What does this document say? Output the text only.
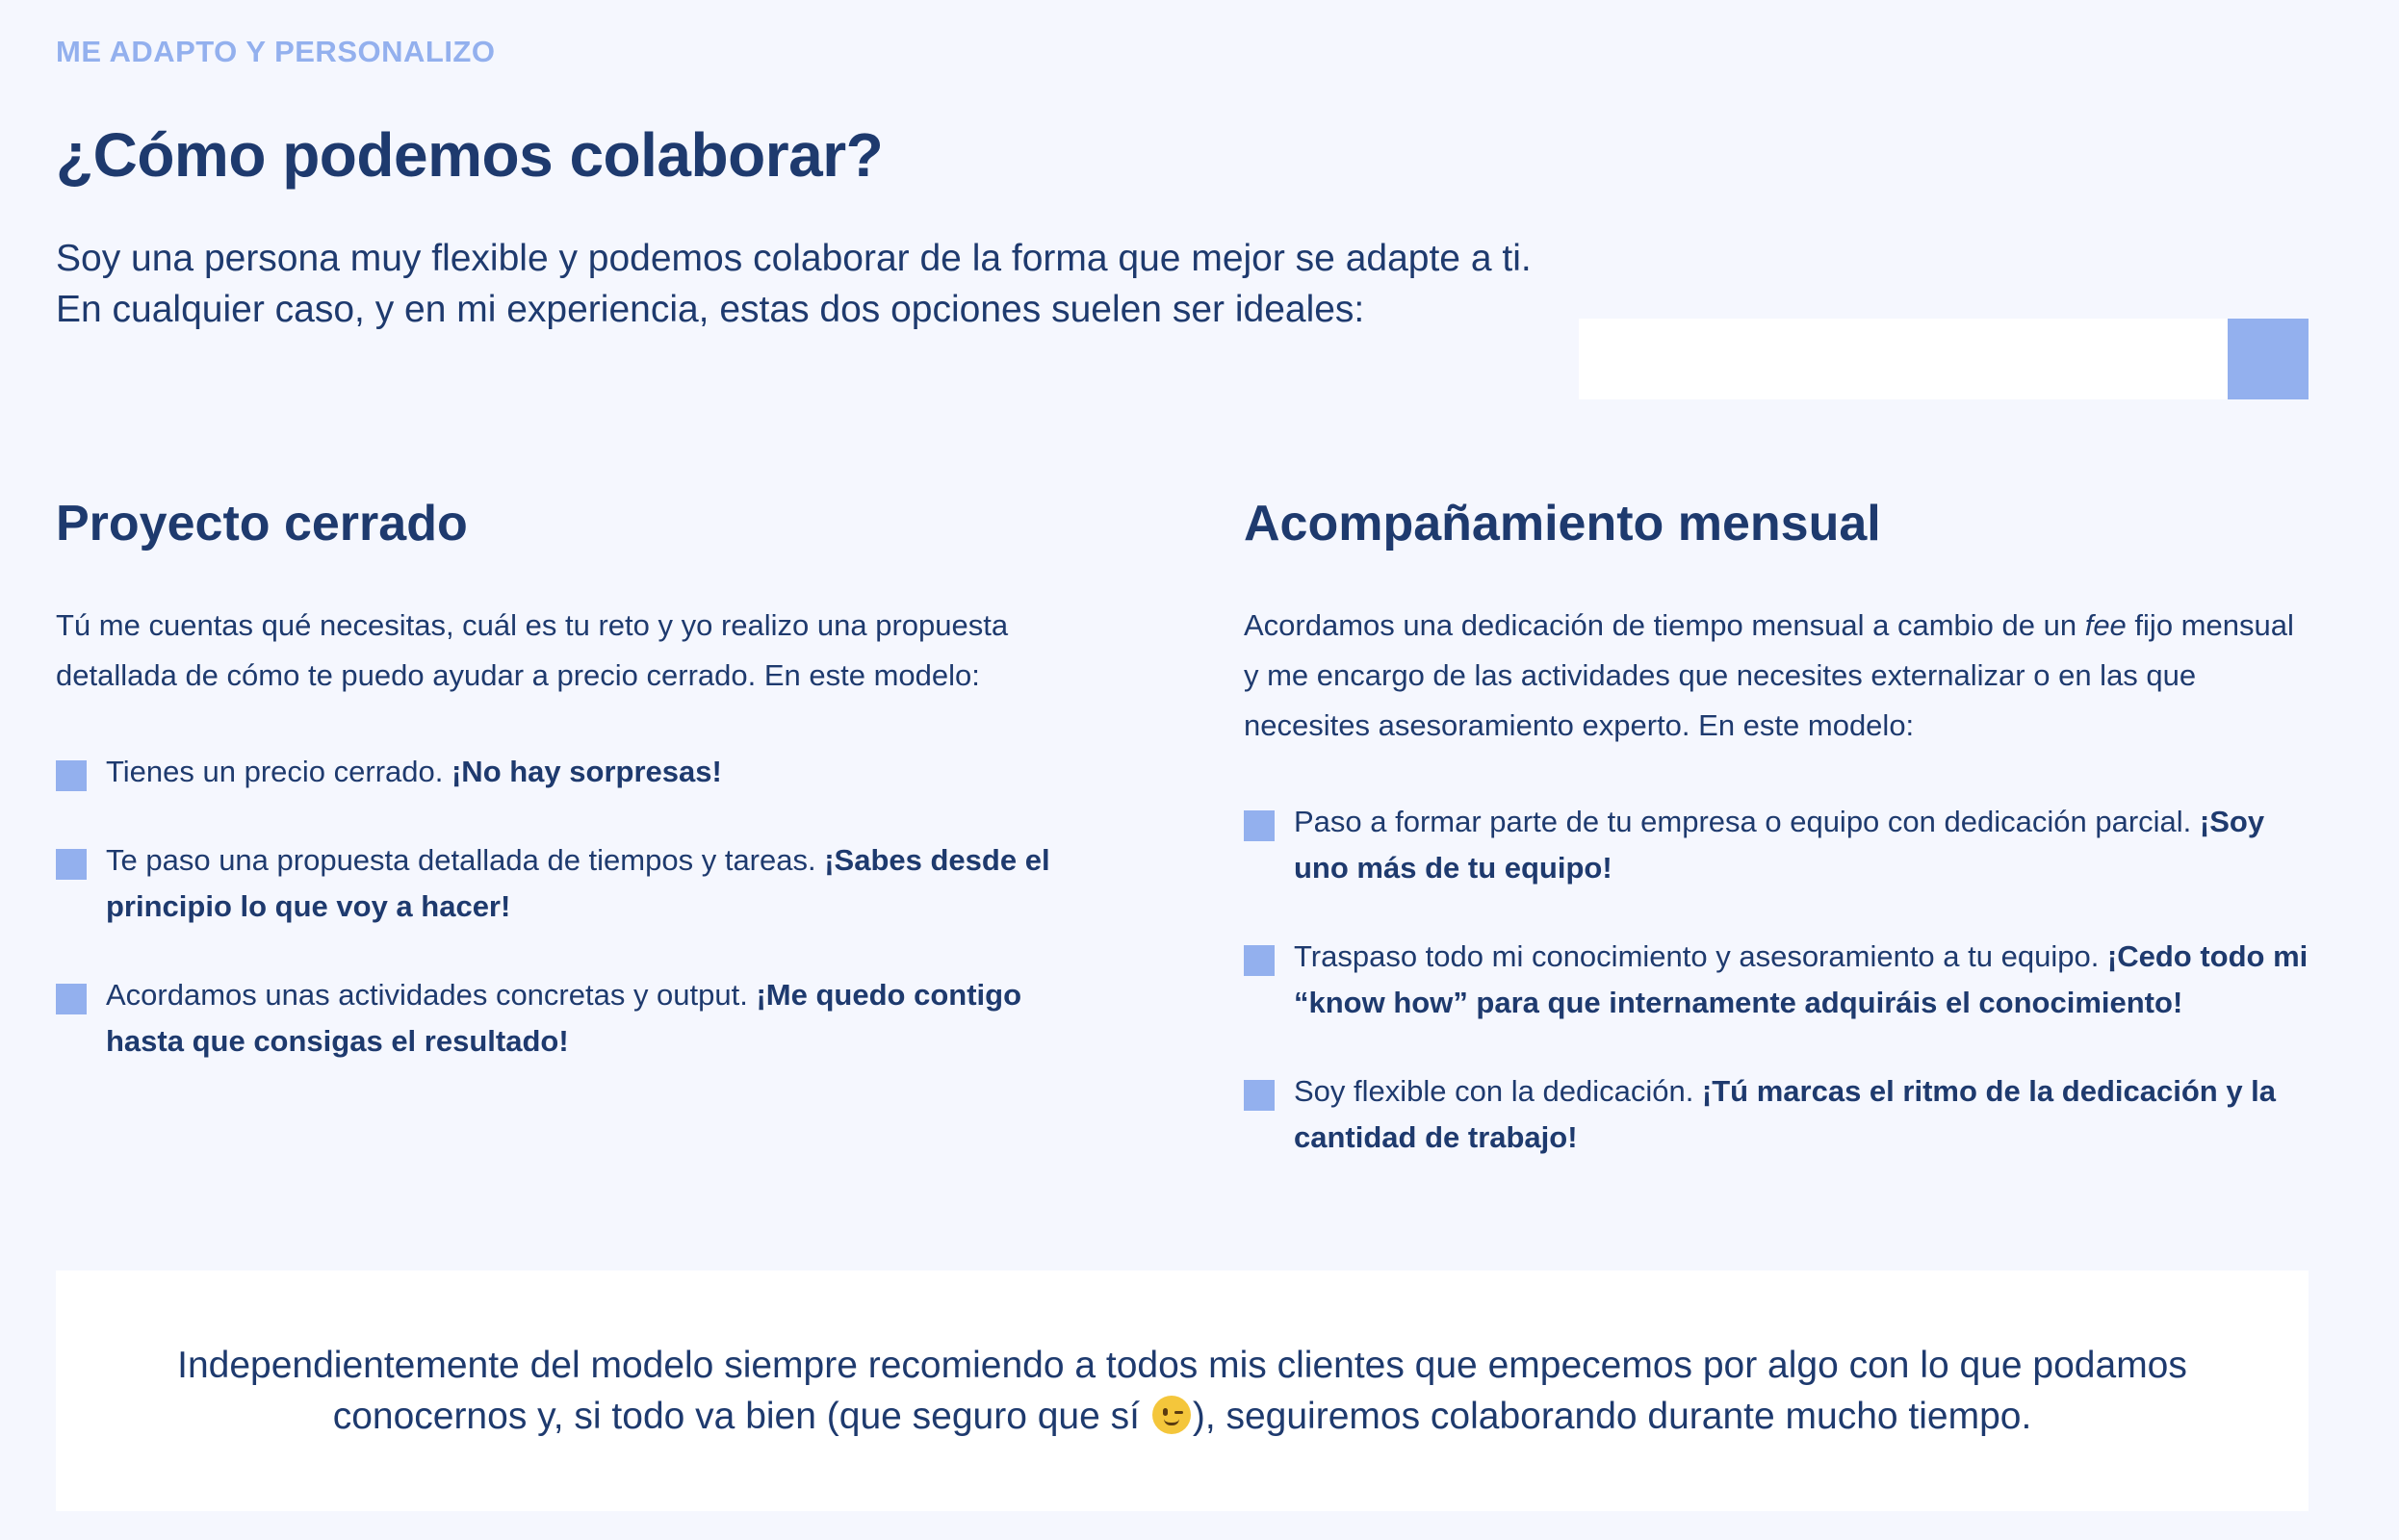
ME ADAPTO Y PERSONALIZO
¿Cómo podemos colaborar?

Soy una persona muy flexible y podemos colaborar de la forma que mejor se adapte a ti. En cualquier caso, y en mi experiencia, estas dos opciones suelen ser ideales:

Proyecto cerrado

Tú me cuentas qué necesitas, cuál es tu reto y yo realizo una propuesta detallada de cómo te puedo ayudar a precio cerrado. En este modelo:

Tienes un precio cerrado. ¡No hay sorpresas!
Te paso una propuesta detallada de tiempos y tareas. ¡Sabes desde el principio lo que voy a hacer!
Acordamos unas actividades concretas y output. ¡Me quedo contigo hasta que consigas el resultado!
Acompañamiento mensual

Acordamos una dedicación de tiempo mensual a cambio de un fee fijo mensual y me encargo de las actividades que necesites externalizar o en las que necesites asesoramiento experto. En este modelo:

Paso a formar parte de tu empresa o equipo con dedicación parcial. ¡Soy uno más de tu equipo!
Traspaso todo mi conocimiento y asesoramiento a tu equipo. ¡Cedo todo mi “know how” para que internamente adquiráis el conocimiento!
Soy flexible con la dedicación. ¡Tú marcas el ritmo de la dedicación y la cantidad de trabajo!

Independientemente del modelo siempre recomiendo a todos mis clientes que empecemos por algo con lo que podamos conocernos y, si todo va bien (que seguro que sí
), seguiremos colaborando durante mucho tiempo.
